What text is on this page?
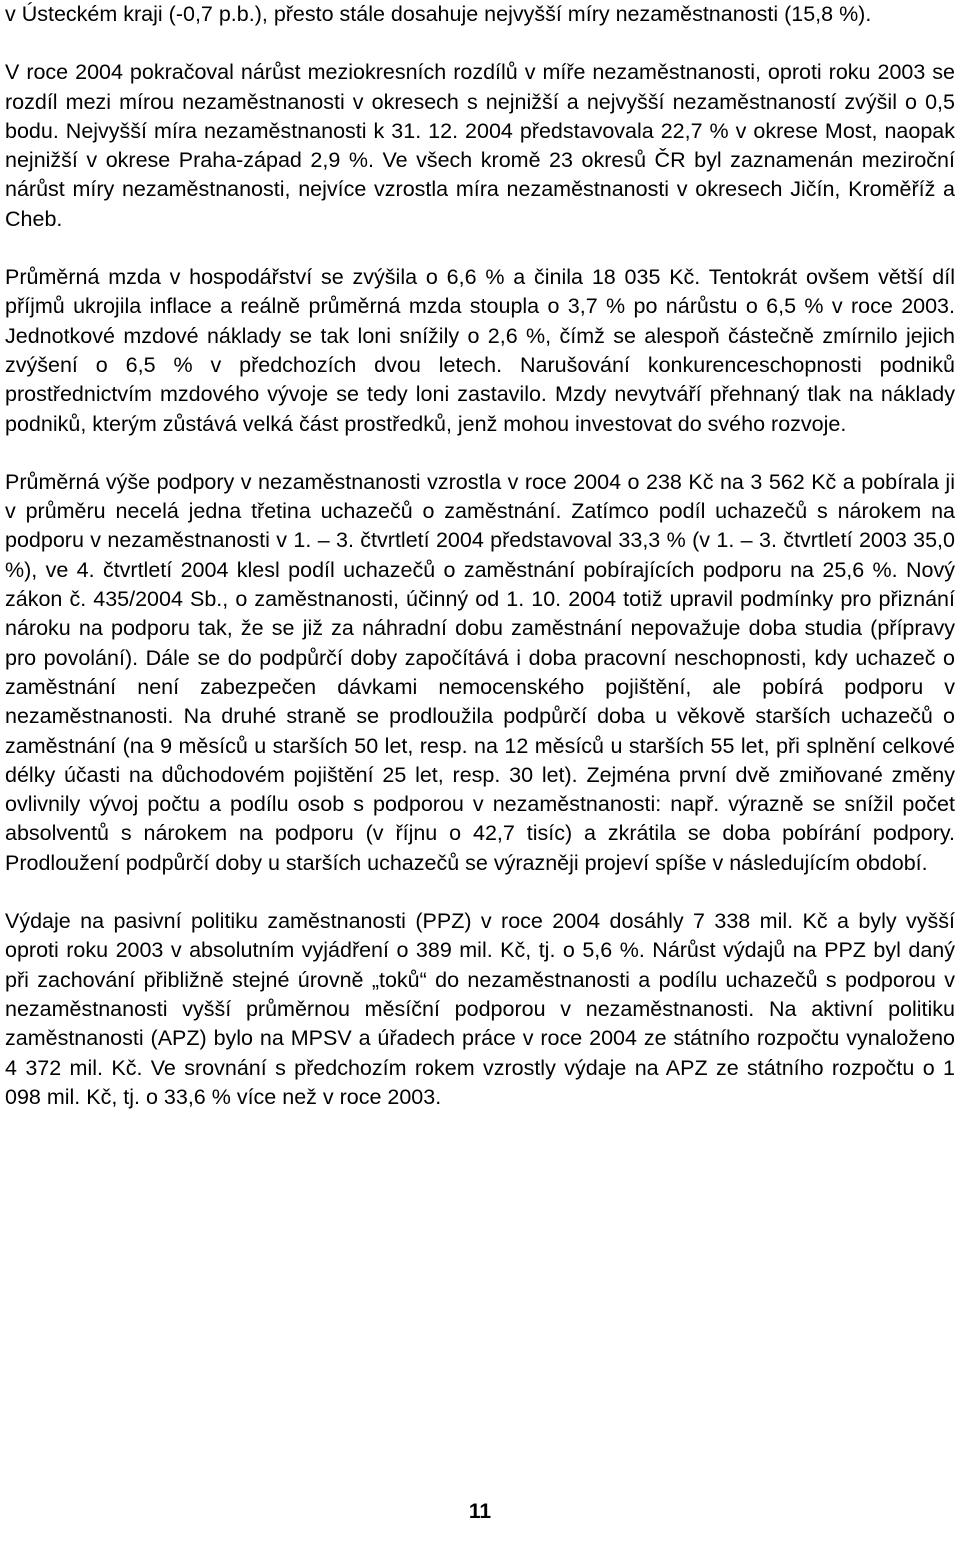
v Ústeckém kraji (-0,7 p.b.), přesto stále dosahuje nejvyšší míry nezaměstnanosti (15,8 %).

V roce 2004 pokračoval nárůst meziokresních rozdílů v míře nezaměstnanosti, oproti roku 2003 se rozdíl mezi mírou nezaměstnanosti v okresech s nejnižší a nejvyšší nezaměstnaností zvýšil o 0,5 bodu. Nejvyšší míra nezaměstnanosti k 31. 12. 2004 představovala 22,7 % v okrese Most, naopak nejnižší v okrese Praha-západ 2,9 %. Ve všech kromě 23 okresů ČR byl zaznamenán meziroční nárůst míry nezaměstnanosti, nejvíce vzrostla míra nezaměstnanosti v okresech Jičín, Kroměříž a Cheb.

Průměrná mzda v hospodářství se zvýšila o 6,6 % a činila 18 035 Kč. Tentokrát ovšem větší díl příjmů ukrojila inflace a reálně průměrná mzda stoupla o 3,7 % po nárůstu o 6,5 % v roce 2003. Jednotkové mzdové náklady se tak loni snížily o 2,6 %, čímž se alespoň částečně zmírnilo jejich zvýšení o 6,5 % v předchozích dvou letech. Narušování konkurenceschopnosti podniků prostřednictvím mzdového vývoje se tedy loni zastavilo. Mzdy nevytváří přehnaný tlak na náklady podniků, kterým zůstává velká část prostředků, jenž mohou investovat do svého rozvoje.

Průměrná výše podpory v nezaměstnanosti vzrostla v roce 2004 o 238 Kč na 3 562 Kč a pobírala ji v průměru necelá jedna třetina uchazečů o zaměstnání. Zatímco podíl uchazečů s nárokem na podporu v nezaměstnanosti v 1. – 3. čtvrtletí 2004 představoval 33,3 % (v 1. – 3. čtvrtletí 2003 35,0 %), ve 4. čtvrtletí 2004 klesl podíl uchazečů o zaměstnání pobírajících podporu na 25,6 %. Nový zákon č. 435/2004 Sb., o zaměstnanosti, účinný od 1. 10. 2004 totiž upravil podmínky pro přiznání nároku na podporu tak, že se již za náhradní dobu zaměstnání nepovažuje doba studia (přípravy pro povolání). Dále se do podpůrčí doby započítává i doba pracovní neschopnosti, kdy uchazeč o zaměstnání není zabezpečen dávkami nemocenského pojištění, ale pobírá podporu v nezaměstnanosti. Na druhé straně se prodloužila podpůrčí doba u věkově starších uchazečů o zaměstnání (na 9 měsíců u starších 50 let, resp. na 12 měsíců u starších 55 let, při splnění celkové délky účasti na důchodovém pojištění 25 let, resp. 30 let). Zejména první dvě zmiňované změny ovlivnily vývoj počtu a podílu osob s podporou v nezaměstnanosti: např. výrazně se snížil počet absolventů s nárokem na podporu (v říjnu o 42,7 tisíc) a zkrátila se doba pobírání podpory. Prodloužení podpůrčí doby u starších uchazečů se výrazněji projeví spíše v následujícím období.

Výdaje na pasivní politiku zaměstnanosti (PPZ) v roce 2004 dosáhly 7 338 mil. Kč a byly vyšší oproti roku 2003 v absolutním vyjádření o 389 mil. Kč, tj. o 5,6 %. Nárůst výdajů na PPZ byl daný při zachování přibližně stejné úrovně „toků“ do nezaměstnanosti a podílu uchazečů s podporou v nezaměstnanosti vyšší průměrnou měsíční podporou v nezaměstnanosti. Na aktivní politiku zaměstnanosti (APZ) bylo na MPSV a úřadech práce v roce 2004 ze státního rozpočtu vynaloženo 4 372 mil. Kč. Ve srovnání s předchozím rokem vzrostly výdaje na APZ ze státního rozpočtu o 1 098 mil. Kč, tj. o 33,6 % více než v roce 2003.

11
